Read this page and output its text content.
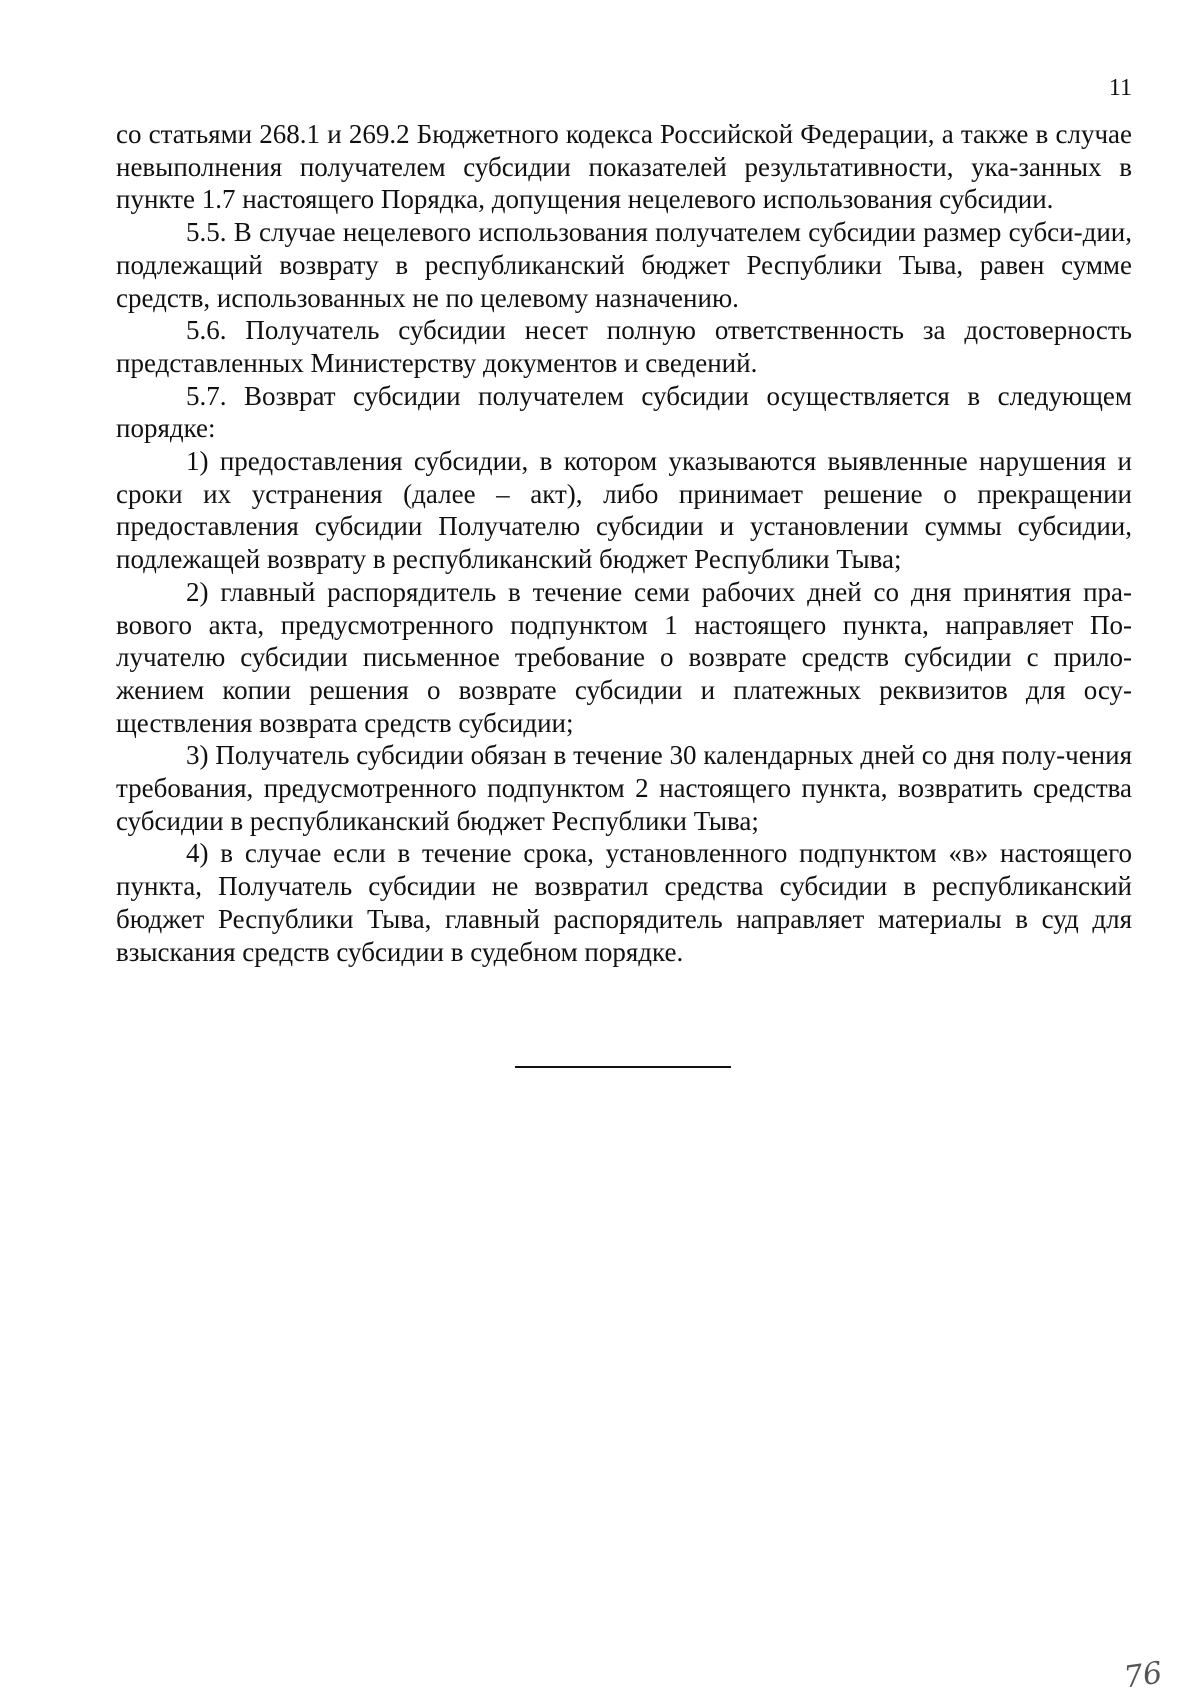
11

со статьями 268.1 и 269.2 Бюджетного кодекса Российской Федерации, а также в случае невыполнения получателем субсидии показателей результативности, ука-занных в пункте 1.7 настоящего Порядка, допущения нецелевого использования субсидии.

5.5. В случае нецелевого использования получателем субсидии размер субси-дии, подлежащий возврату в республиканский бюджет Республики Тыва, равен сумме средств, использованных не по целевому назначению.

5.6. Получатель субсидии несет полную ответственность за достоверность представленных Министерству документов и сведений.

5.7. Возврат субсидии получателем субсидии осуществляется в следующем порядке:

1) предоставления субсидии, в котором указываются выявленные нарушения и сроки их устранения (далее – акт), либо принимает решение о прекращении предоставления субсидии Получателю субсидии и установлении суммы субсидии, подлежащей возврату в республиканский бюджет Республики Тыва;

2) главный распорядитель в течение семи рабочих дней со дня принятия пра-вового акта, предусмотренного подпунктом 1 настоящего пункта, направляет По-лучателю субсидии письменное требование о возврате средств субсидии с прило-жением копии решения о возврате субсидии и платежных реквизитов для осу-ществления возврата средств субсидии;

3) Получатель субсидии обязан в течение 30 календарных дней со дня полу-чения требования, предусмотренного подпунктом 2 настоящего пункта, возвратить средства субсидии в республиканский бюджет Республики Тыва;

4) в случае если в течение срока, установленного подпунктом «в» настоящего пункта, Получатель субсидии не возвратил средства субсидии в республиканский бюджет Республики Тыва, главный распорядитель направляет материалы в суд для взыскания средств субсидии в судебном порядке.

76
